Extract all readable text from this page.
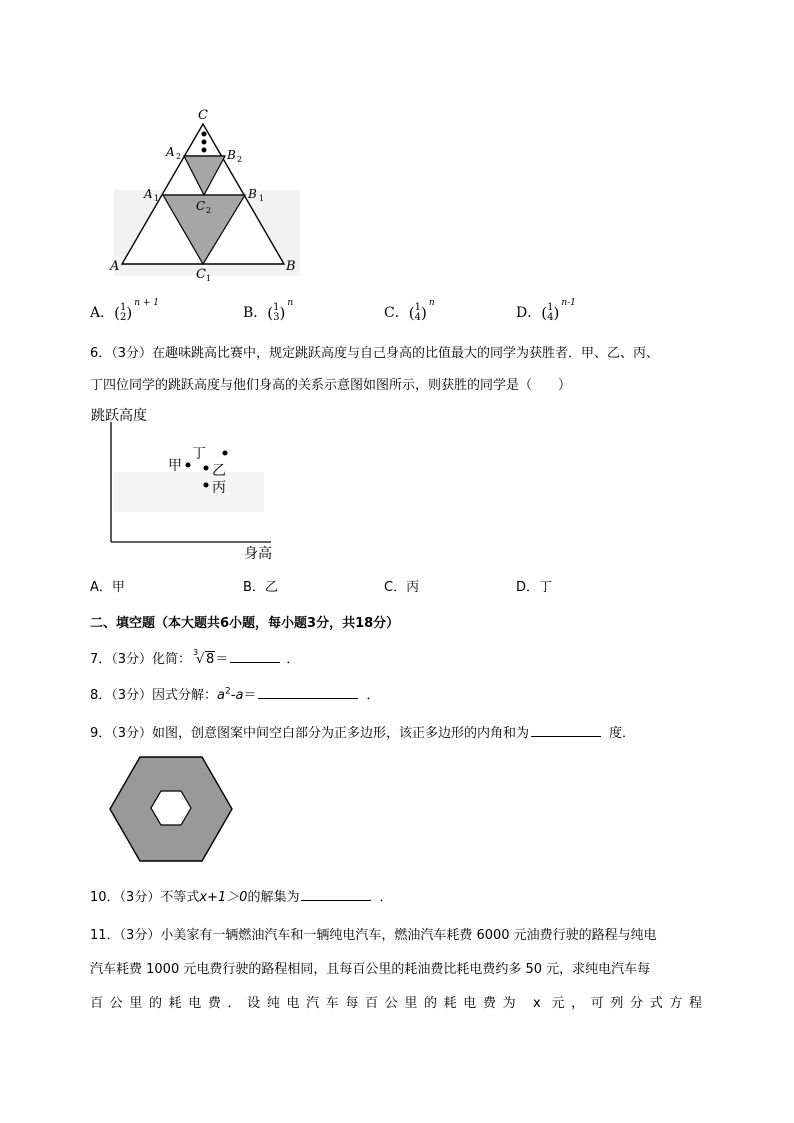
C
A 2	B 2
A 1	B 1
C 2
A
C 1
B
A．( 1
2 )$^{n + 1}$
B．( 1
3 )$^n$
C．( 1
4 )$^n$
D．( 1
4 )$^{n-1}$
6．（3分）在趣味跳高比赛中，规定跳跃高度与自己身高的比值最大的同学为获胜者．甲、乙、丙、
丁四位同学的跳跃高度与他们身高的关系示意图如图所示，则获胜的同学是（　　）
跳跃高度
身高
丁
乙
丙
甲
A．甲	B．乙	C．丙	D．丁
二、填空题（本大题共6小题，每小题3分，共18分）
7．（3分）化简： 3
√ 8＝	．
8．（3分）因式分解：$a^2-a=$	．
9．（3分）如图，创意图案中间空白部分为正多边形，该正多边形的内角和为	度．
10．（3分）不等式x+1＞0的解集为	．
11．（3分）小美家有一辆燃油汽车和一辆纯电汽车，燃油汽车耗费 6000 元油费行驶的路程与纯电
汽车耗费 1000 元电费行驶的路程相同，且每百公里的耗油费比耗电费约多 50 元，求纯电汽车每
百公里的耗电费．设纯电汽车每百公里的耗电费为 x 元，可列分式方程
